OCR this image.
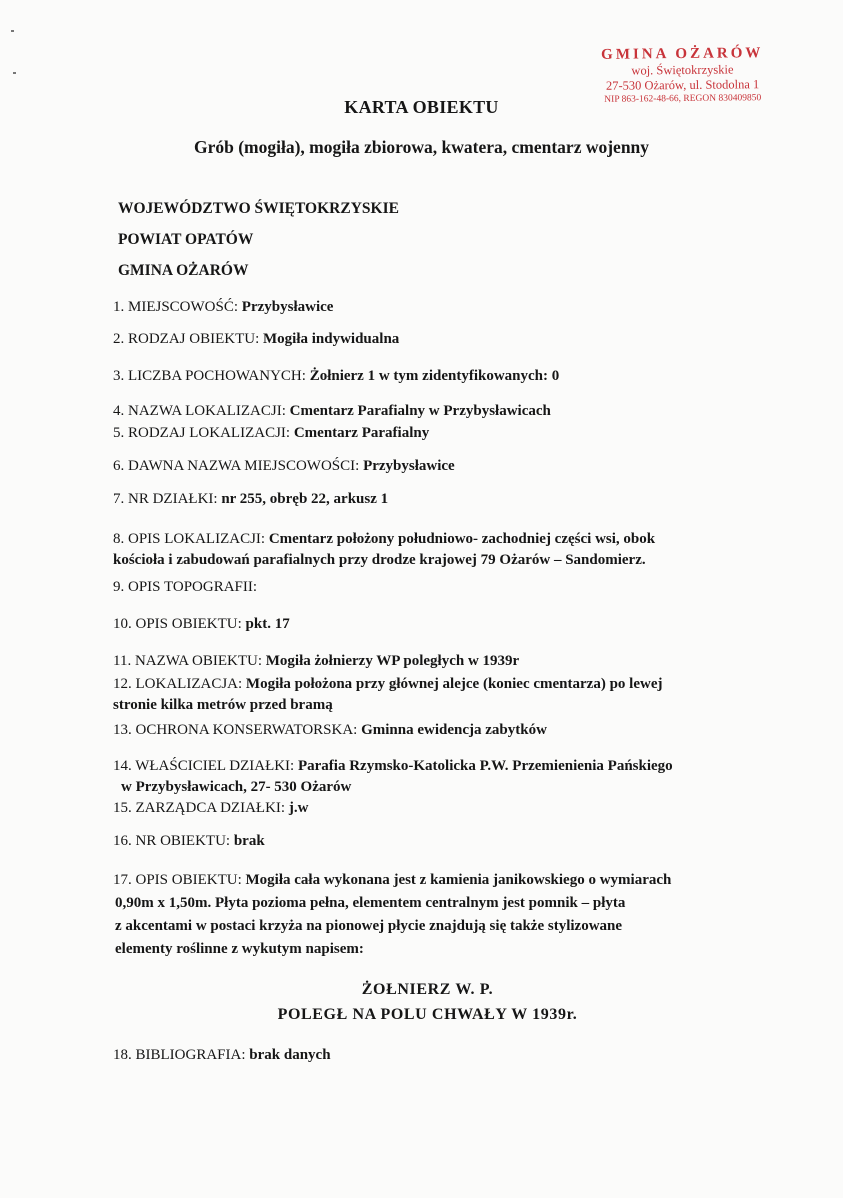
GMINA OŻARÓW
woj. Świętokrzyskie
27-530 Ożarów, ul. Stodolna 1
NIP 863-162-48-66, REGON 830409850
KARTA OBIEKTU
Grób (mogiła), mogiła zbiorowa, kwatera, cmentarz wojenny
WOJEWÓDZTWO ŚWIĘTOKRZYSKIE
POWIAT OPATÓW
GMINA OŻARÓW
1. MIEJSCOWOŚĆ: Przybysławice
2. RODZAJ OBIEKTU: Mogiła indywidualna
3. LICZBA POCHOWANYCH: Żołnierz 1 w tym zidentyfikowanych: 0
4. NAZWA LOKALIZACJI: Cmentarz Parafialny w Przybysławicach
5. RODZAJ LOKALIZACJI: Cmentarz Parafialny
6. DAWNA NAZWA MIEJSCOWOŚCI: Przybysławice
7. NR DZIAŁKI: nr 255, obręb 22, arkusz 1
8. OPIS LOKALIZACJI: Cmentarz położony południowo- zachodniej części wsi, obok
kościoła i zabudowań parafialnych przy drodze krajowej 79 Ożarów – Sandomierz.
9. OPIS TOPOGRAFII:
10. OPIS OBIEKTU: pkt. 17
11. NAZWA OBIEKTU: Mogiła żołnierzy WP poległych w 1939r
12. LOKALIZACJA: Mogiła położona przy głównej alejce (koniec cmentarza) po lewej
stronie kilka metrów przed bramą
13. OCHRONA KONSERWATORSKA: Gminna ewidencja zabytków
14. WŁAŚCICIEL DZIAŁKI: Parafia Rzymsko-Katolicka P.W. Przemienienia Pańskiego
w Przybysławicach, 27- 530 Ożarów
15. ZARZĄDCA DZIAŁKI: j.w
16. NR OBIEKTU: brak
17. OPIS OBIEKTU: Mogiła cała wykonana jest z kamienia janikowskiego o wymiarach
0,90m x 1,50m. Płyta pozioma pełna, elementem centralnym jest pomnik – płyta
z akcentami w postaci krzyża na pionowej płycie znajdują się także stylizowane
elementy roślinne z wykutym napisem:
ŻOŁNIERZ W. P.
POLEGŁ NA POLU CHWAŁY W 1939r.
18. BIBLIOGRAFIA: brak danych
